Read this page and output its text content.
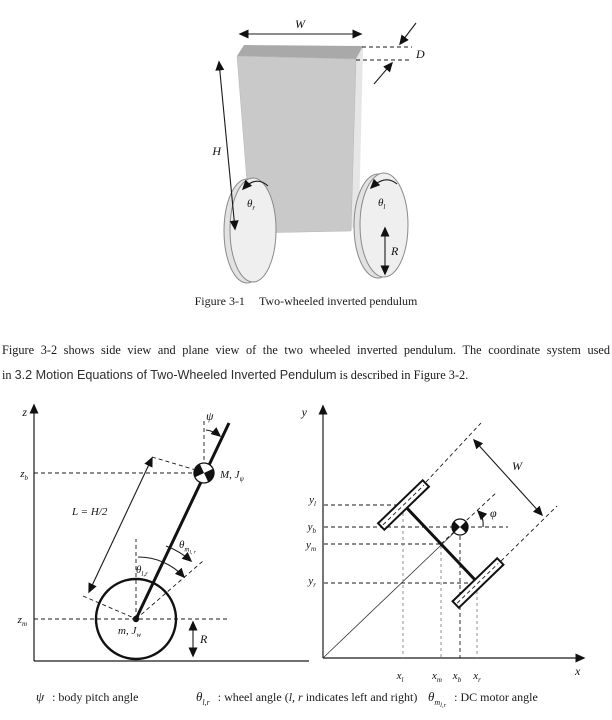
W
D
H
$\theta_r$	$\theta_l$
R
z	ψ
M, $J_\psi$
L = H/2
$\theta_{l,r}$
$\theta_ml$, r
m, $J_w$
$z_b$
$z_m$
R
y
x
W
φ
$y_l$
$y_b$
$y_m$
$y_r$
$x_l$	$x_m$ $x_b$ $x_r$
Figure 3-1 Two-wheeled inverted pendulum
Figure 3-2 shows side view and plane view of the two wheeled inverted pendulum. The coordinate system used
in 3.2 Motion Equations of Two-Wheeled Inverted Pendulum is described in Figure 3-2.
ψ : body pitch angle	$\theta_{l,r}$ : wheel angle (l, r indicates left and right) $\theta_{ml,r}$: DC motor angle
